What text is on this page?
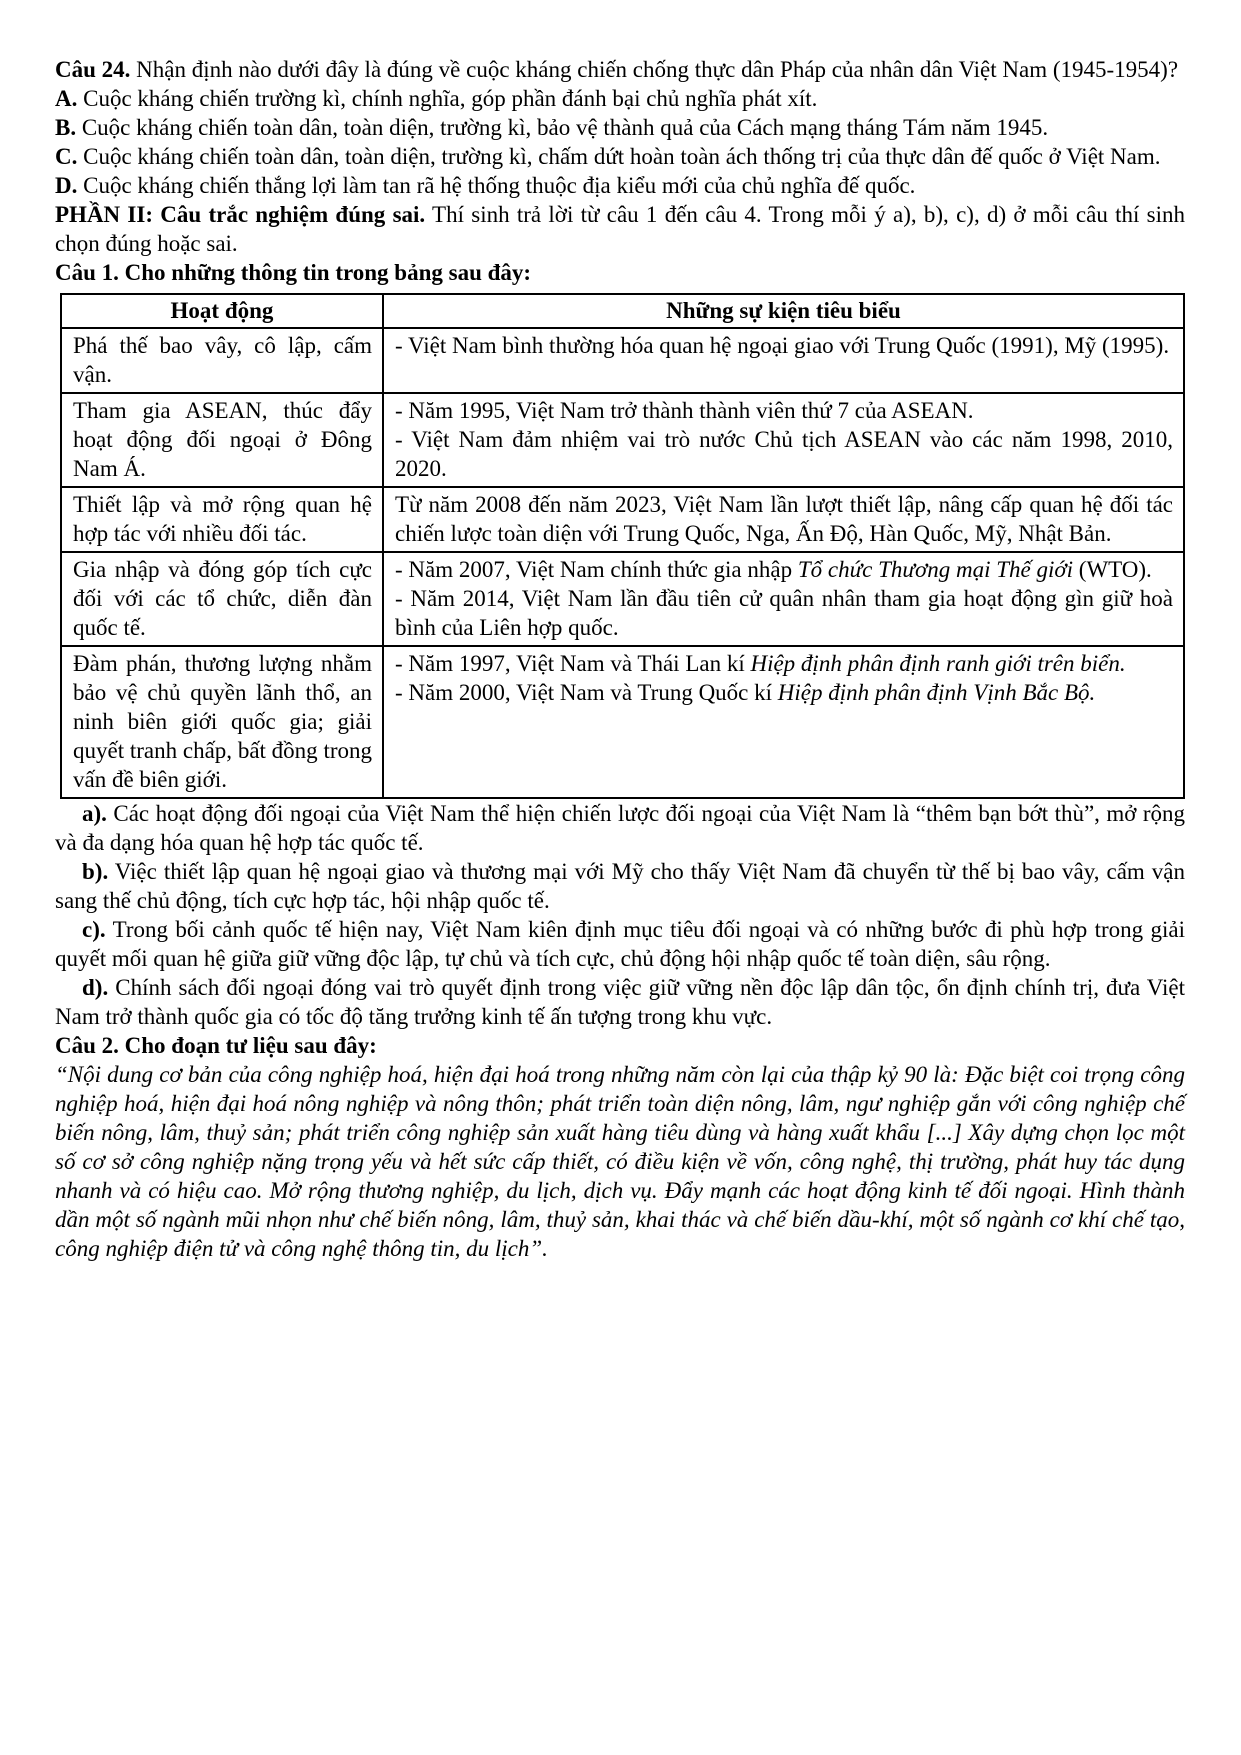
Câu 24. Nhận định nào dưới đây là đúng về cuộc kháng chiến chống thực dân Pháp của nhân dân Việt Nam (1945-1954)?

A. Cuộc kháng chiến trường kì, chính nghĩa, góp phần đánh bại chủ nghĩa phát xít.

B. Cuộc kháng chiến toàn dân, toàn diện, trường kì, bảo vệ thành quả của Cách mạng tháng Tám năm 1945.

C. Cuộc kháng chiến toàn dân, toàn diện, trường kì, chấm dứt hoàn toàn ách thống trị của thực dân đế quốc ở Việt Nam.

D. Cuộc kháng chiến thắng lợi làm tan rã hệ thống thuộc địa kiểu mới của chủ nghĩa đế quốc.

PHẦN II: Câu trắc nghiệm đúng sai. Thí sinh trả lời từ câu 1 đến câu 4. Trong mỗi ý a), b), c), d) ở mỗi câu thí sinh chọn đúng hoặc sai.

Câu 1. Cho những thông tin trong bảng sau đây:

Hoạt động	Những sự kiện tiêu biểu

Phá thế bao vây, cô lập, cấm vận.	- Việt Nam bình thường hóa quan hệ ngoại giao với Trung Quốc (1991), Mỹ (1995).

Tham gia ASEAN, thúc đẩy hoạt động đối ngoại ở Đông Nam Á.	- Năm 1995, Việt Nam trở thành thành viên thứ 7 của ASEAN.

- Việt Nam đảm nhiệm vai trò nước Chủ tịch ASEAN vào các năm 1998, 2010, 2020.

Thiết lập và mở rộng quan hệ hợp tác với nhiều đối tác.	Từ năm 2008 đến năm 2023, Việt Nam lần lượt thiết lập, nâng cấp quan hệ đối tác chiến lược toàn diện với Trung Quốc, Nga, Ấn Độ, Hàn Quốc, Mỹ, Nhật Bản.

Gia nhập và đóng góp tích cực đối với các tổ chức, diễn đàn quốc tế.	- Năm 2007, Việt Nam chính thức gia nhập Tổ chức Thương mại Thế giới (WTO).

- Năm 2014, Việt Nam lần đầu tiên cử quân nhân tham gia hoạt động gìn giữ hoà bình của Liên hợp quốc.

Đàm phán, thương lượng nhằm bảo vệ chủ quyền lãnh thổ, an ninh biên giới quốc gia; giải quyết tranh chấp, bất đồng trong vấn đề biên giới.	- Năm 1997, Việt Nam và Thái Lan kí Hiệp định phân định ranh giới trên biển.

- Năm 2000, Việt Nam và Trung Quốc kí Hiệp định phân định Vịnh Bắc Bộ.

a). Các hoạt động đối ngoại của Việt Nam thể hiện chiến lược đối ngoại của Việt Nam là “thêm bạn bớt thù”, mở rộng và đa dạng hóa quan hệ hợp tác quốc tế.

b). Việc thiết lập quan hệ ngoại giao và thương mại với Mỹ cho thấy Việt Nam đã chuyển từ thế bị bao vây, cấm vận sang thế chủ động, tích cực hợp tác, hội nhập quốc tế.

c). Trong bối cảnh quốc tế hiện nay, Việt Nam kiên định mục tiêu đối ngoại và có những bước đi phù hợp trong giải quyết mối quan hệ giữa giữ vững độc lập, tự chủ và tích cực, chủ động hội nhập quốc tế toàn diện, sâu rộng.

d). Chính sách đối ngoại đóng vai trò quyết định trong việc giữ vững nền độc lập dân tộc, ổn định chính trị, đưa Việt Nam trở thành quốc gia có tốc độ tăng trưởng kinh tế ấn tượng trong khu vực.

Câu 2. Cho đoạn tư liệu sau đây:

“Nội dung cơ bản của công nghiệp hoá, hiện đại hoá trong những năm còn lại của thập kỷ 90 là: Đặc biệt coi trọng công nghiệp hoá, hiện đại hoá nông nghiệp và nông thôn; phát triển toàn diện nông, lâm, ngư nghiệp gắn với công nghiệp chế biến nông, lâm, thuỷ sản; phát triển công nghiệp sản xuất hàng tiêu dùng và hàng xuất khẩu [...] Xây dựng chọn lọc một số cơ sở công nghiệp nặng trọng yếu và hết sức cấp thiết, có điều kiện về vốn, công nghệ, thị trường, phát huy tác dụng nhanh và có hiệu cao. Mở rộng thương nghiệp, du lịch, dịch vụ. Đẩy mạnh các hoạt động kinh tế đối ngoại. Hình thành dần một số ngành mũi nhọn như chế biến nông, lâm, thuỷ sản, khai thác và chế biến dầu-khí, một số ngành cơ khí chế tạo, công nghiệp điện tử và công nghệ thông tin, du lịch”.
